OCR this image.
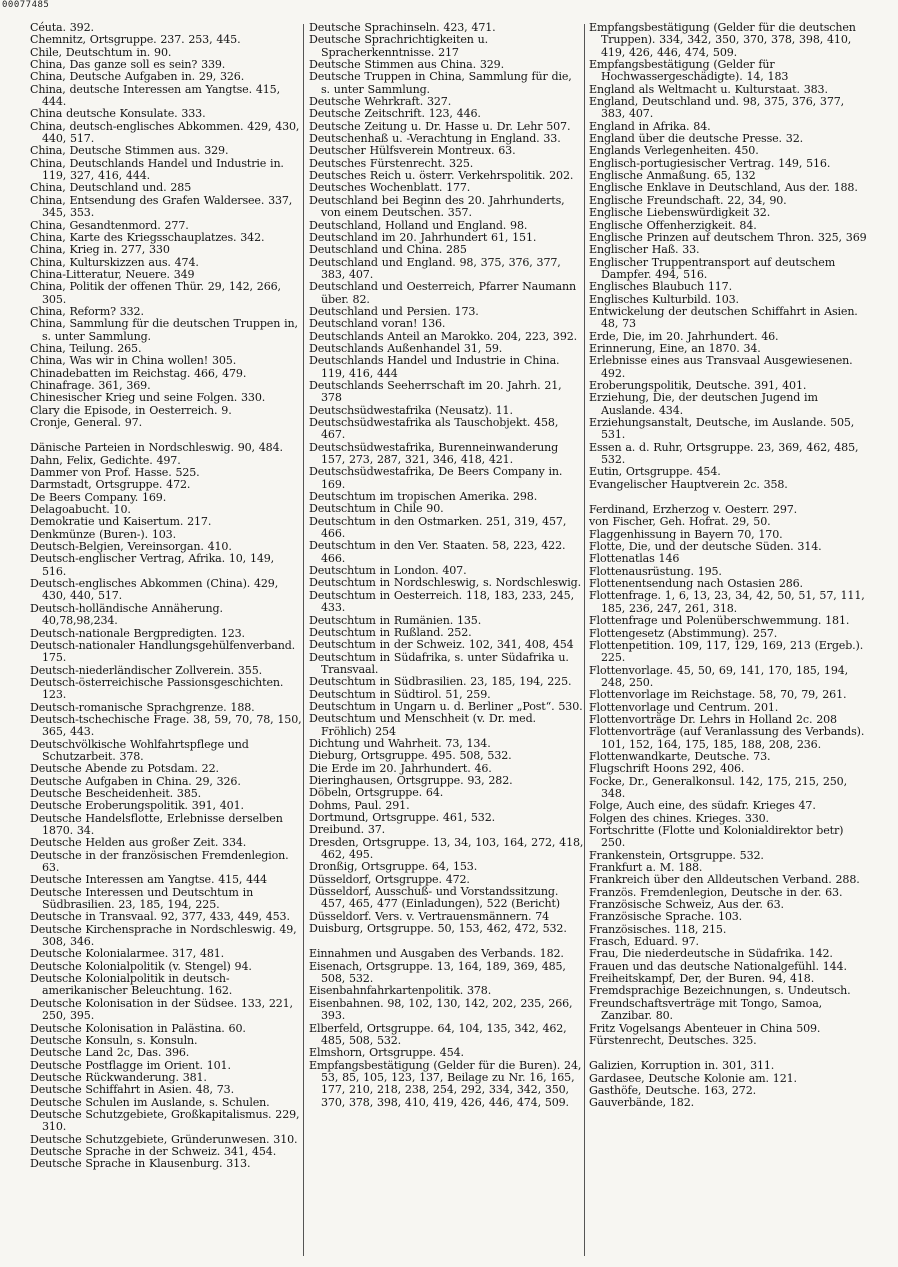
00077485
Céuta. 392.
Chemnitz, Ortsgruppe. 237. 253, 445.
Chile, Deutschtum in. 90.
China, Das ganze soll es sein? 339.
China, Deutsche Aufgaben in. 29, 326.
China, deutsche Interessen am Yangtse. 415, 444.
China deutsche Konsulate. 333.
China, deutsch-englisches Abkommen. 429, 430, 440, 517.
China, Deutsche Stimmen aus. 329.
China, Deutschlands Handel und Industrie in. 119, 327, 416, 444.
China, Deutschland und. 285
China, Entsendung des Grafen Waldersee. 337, 345, 353.
China, Gesandtenmord. 277.
China, Karte des Kriegsschauplatzes. 342.
China, Krieg in. 277, 330
China, Kulturskizzen aus. 474.
China-Litteratur, Neuere. 349
China, Politik der offenen Thür. 29, 142, 266, 305.
China, Reform? 332.
China, Sammlung für die deutschen Truppen in, s. unter Sammlung.
China, Teilung. 265.
China, Was wir in China wollen! 305.
Chinadebatten im Reichstag. 466, 479.
Chinafrage. 361, 369.
Chinesischer Krieg und seine Folgen. 330.
Clary die Episode, in Oesterreich. 9.
Cronje, General. 97.
Dänische Parteien in Nordschleswig. 90, 484.
Dahn, Felix, Gedichte. 497.
Dammer von Prof. Hasse. 525.
Darmstadt, Ortsgruppe. 472.
De Beers Company. 169.
Delagoabucht. 10.
Demokratie und Kaisertum. 217.
Denkmünze (Buren-). 103.
Deutsch-Belgien, Vereinsorgan. 410.
Deutsch-englischer Vertrag, Afrika. 10, 149, 516.
Deutsch-englisches Abkommen (China). 429, 430, 440, 517.
Deutsch-holländische Annäherung. 40,78,98,234.
Deutsch-nationale Bergpredigten. 123.
Deutsch-nationaler Handlungsgehülfenverband. 175.
Deutsch-niederländischer Zollverein. 355.
Deutsch-österreichische Passionsgeschichten. 123.
Deutsch-romanische Sprachgrenze. 188.
Deutsch-tschechische Frage. 38, 59, 70, 78, 150, 365, 443.
Deutschvölkische Wohlfahrtspflege und Schutzarbeit. 378.
Deutsche Abende zu Potsdam. 22.
Deutsche Aufgaben in China. 29, 326.
Deutsche Bescheidenheit. 385.
Deutsche Eroberungspolitik. 391, 401.
Deutsche Handelsflotte, Erlebnisse derselben 1870. 34.
Deutsche Helden aus großer Zeit. 334.
Deutsche in der französischen Fremdenlegion. 63.
Deutsche Interessen am Yangtse. 415, 444
Deutsche Interessen und Deutschtum in Südbrasilien. 23, 185, 194, 225.
Deutsche in Transvaal. 92, 377, 433, 449, 453.
Deutsche Kirchensprache in Nordschleswig. 49, 308, 346.
Deutsche Kolonialarmee. 317, 481.
Deutsche Kolonialpolitik (v. Stengel) 94.
Deutsche Kolonialpolitik in deutsch-amerikanischer Beleuchtung. 162.
Deutsche Kolonisation in der Südsee. 133, 221, 250, 395.
Deutsche Kolonisation in Palästina. 60.
Deutsche Konsuln, s. Konsuln.
Deutsche Land 2c, Das. 396.
Deutsche Postflagge im Orient. 101.
Deutsche Rückwanderung. 381.
Deutsche Schiffahrt in Asien. 48, 73.
Deutsche Schulen im Auslande, s. Schulen.
Deutsche Schutzgebiete, Großkapitalismus. 229, 310.
Deutsche Schutzgebiete, Gründerunwesen. 310.
Deutsche Sprache in der Schweiz. 341, 454.
Deutsche Sprache in Klausenburg. 313.
Deutsche Sprachinseln. 423, 471.
Deutsche Sprachrichtigkeiten u. Spracherkenntnisse. 217
Deutsche Stimmen aus China. 329.
Deutsche Truppen in China, Sammlung für die, s. unter Sammlung.
Deutsche Wehrkraft. 327.
Deutsche Zeitschrift. 123, 446.
Deutsche Zeitung u. Dr. Hasse u. Dr. Lehr 507.
Deutschenhaß u. -Verachtung in England. 33.
Deutscher Hülfsverein Montreux. 63.
Deutsches Fürstenrecht. 325.
Deutsches Reich u. österr. Verkehrspolitik. 202.
Deutsches Wochenblatt. 177.
Deutschland bei Beginn des 20. Jahrhunderts, von einem Deutschen. 357.
Deutschland, Holland und England. 98.
Deutschland im 20. Jahrhundert 61, 151.
Deutschland und China. 285
Deutschland und England. 98, 375, 376, 377, 383, 407.
Deutschland und Oesterreich, Pfarrer Naumann über. 82.
Deutschland und Persien. 173.
Deutschland voran! 136.
Deutschlands Anteil an Marokko. 204, 223, 392.
Deutschlands Außenhandel 31, 59.
Deutschlands Handel und Industrie in China. 119, 416, 444
Deutschlands Seeherrschaft im 20. Jahrh. 21, 378
Deutschsüdwestafrika (Neusatz). 11.
Deutschsüdwestafrika als Tauschobjekt. 458, 467.
Deutschsüdwestafrika, Burenneinwanderung 157, 273, 287, 321, 346, 418, 421.
Deutschsüdwestafrika, De Beers Company in. 169.
Deutschtum im tropischen Amerika. 298.
Deutschtum in Chile 90.
Deutschtum in den Ostmarken. 251, 319, 457, 466.
Deutschtum in den Ver. Staaten. 58, 223, 422. 466.
Deutschtum in London. 407.
Deutschtum in Nordschleswig, s. Nordschleswig.
Deutschtum in Oesterreich. 118, 183, 233, 245, 433.
Deutschtum in Rumänien. 135.
Deutschtum in Rußland. 252.
Deutschtum in der Schweiz. 102, 341, 408, 454
Deutschtum in Südafrika, s. unter Südafrika u. Transvaal.
Deutschtum in Südbrasilien. 23, 185, 194, 225.
Deutschtum in Südtirol. 51, 259.
Deutschtum in Ungarn u. d. Berliner „Post“. 530.
Deutschtum und Menschheit (v. Dr. med. Fröhlich) 254
Dichtung und Wahrheit. 73, 134.
Dieburg, Ortsgruppe. 495. 508, 532.
Die Erde im 20. Jahrhundert. 46.
Dieringhausen, Ortsgruppe. 93, 282.
Döbeln, Ortsgruppe. 64.
Dohms, Paul. 291.
Dortmund, Ortsgruppe. 461, 532.
Dreibund. 37.
Dresden, Ortsgruppe. 13, 34, 103, 164, 272, 418, 462, 495.
Dronßig, Ortsgruppe. 64, 153.
Düsseldorf, Ortsgruppe. 472.
Düsseldorf, Ausschuß- und Vorstandssitzung. 457, 465, 477 (Einladungen), 522 (Bericht)
Düsseldorf. Vers. v. Vertrauensmännern. 74
Duisburg, Ortsgruppe. 50, 153, 462, 472, 532.
Einnahmen und Ausgaben des Verbands. 182.
Eisenach, Ortsgruppe. 13, 164, 189, 369, 485, 508, 532.
Eisenbahnfahrkartenpolitik. 378.
Eisenbahnen. 98, 102, 130, 142, 202, 235, 266, 393.
Elberfeld, Ortsgruppe. 64, 104, 135, 342, 462, 485, 508, 532.
Elmshorn, Ortsgruppe. 454.
Empfangsbestätigung (Gelder für die Buren). 24, 53, 85, 105, 123, 137, Beilage zu Nr. 16, 165, 177, 210, 218, 238, 254, 292, 334, 342, 350, 370, 378, 398, 410, 419, 426, 446, 474, 509.
Empfangsbestätigung (Gelder für die deutschen Truppen). 334, 342, 350, 370, 378, 398, 410, 419, 426, 446, 474, 509.
Empfangsbestätigung (Gelder für Hochwassergeschädigte). 14, 183
England als Weltmacht u. Kulturstaat. 383.
England, Deutschland und. 98, 375, 376, 377, 383, 407.
England in Afrika. 84.
England über die deutsche Presse. 32.
Englands Verlegenheiten. 450.
Englisch-portugiesischer Vertrag. 149, 516.
Englische Anmaßung. 65, 132
Englische Enklave in Deutschland, Aus der. 188.
Englische Freundschaft. 22, 34, 90.
Englische Liebenswürdigkeit 32.
Englische Offenherzigkeit. 84.
Englische Prinzen auf deutschem Thron. 325, 369
Englischer Haß. 33.
Englischer Truppentransport auf deutschem Dampfer. 494, 516.
Englisches Blaubuch 117.
Englisches Kulturbild. 103.
Entwickelung der deutschen Schiffahrt in Asien. 48, 73
Erde, Die, im 20. Jahrhundert. 46.
Erinnerung, Eine, an 1870. 34.
Erlebnisse eines aus Transvaal Ausgewiesenen. 492.
Eroberungspolitik, Deutsche. 391, 401.
Erziehung, Die, der deutschen Jugend im Auslande. 434.
Erziehungsanstalt, Deutsche, im Auslande. 505, 531.
Essen a. d. Ruhr, Ortsgruppe. 23, 369, 462, 485, 532.
Eutin, Ortsgruppe. 454.
Evangelischer Hauptverein 2c. 358.
Ferdinand, Erzherzog v. Oesterr. 297.
von Fischer, Geh. Hofrat. 29, 50.
Flaggenhissung in Bayern 70, 170.
Flotte, Die, und der deutsche Süden. 314.
Flottenatlas 146
Flottenausrüstung. 195.
Flottenentsendung nach Ostasien 286.
Flottenfrage. 1, 6, 13, 23, 34, 42, 50, 51, 57, 111, 185, 236, 247, 261, 318.
Flottenfrage und Polenüberschwemmung. 181.
Flottengesetz (Abstimmung). 257.
Flottenpetition. 109, 117, 129, 169, 213 (Ergeb.). 225.
Flottenvorlage. 45, 50, 69, 141, 170, 185, 194, 248, 250.
Flottenvorlage im Reichstage. 58, 70, 79, 261.
Flottenvorlage und Centrum. 201.
Flottenvorträge Dr. Lehrs in Holland 2c. 208
Flottenvorträge (auf Veranlassung des Verbands). 101, 152, 164, 175, 185, 188, 208, 236.
Flottenwandkarte, Deutsche. 73.
Flugschrift Hoons 292, 406.
Focke, Dr., Generalkonsul. 142, 175, 215, 250, 348.
Folge, Auch eine, des südafr. Krieges 47.
Folgen des chines. Krieges. 330.
Fortschritte (Flotte und Kolonialdirektor betr) 250.
Frankenstein, Ortsgruppe. 532.
Frankfurt a. M. 188.
Frankreich über den Alldeutschen Verband. 288.
Französ. Fremdenlegion, Deutsche in der. 63.
Französische Schweiz, Aus der. 63.
Französische Sprache. 103.
Französisches. 118, 215.
Frasch, Eduard. 97.
Frau, Die niederdeutsche in Südafrika. 142.
Frauen und das deutsche Nationalgefühl. 144.
Freiheitskampf, Der, der Buren. 94, 418.
Fremdsprachige Bezeichnungen, s. Undeutsch.
Freundschaftsverträge mit Tongo, Samoa, Zanzibar. 80.
Fritz Vogelsangs Abenteuer in China 509.
Fürstenrecht, Deutsches. 325.
Galizien, Korruption in. 301, 311.
Gardasee, Deutsche Kolonie am. 121.
Gasthöfe, Deutsche. 163, 272.
Gauverbände, 182.
